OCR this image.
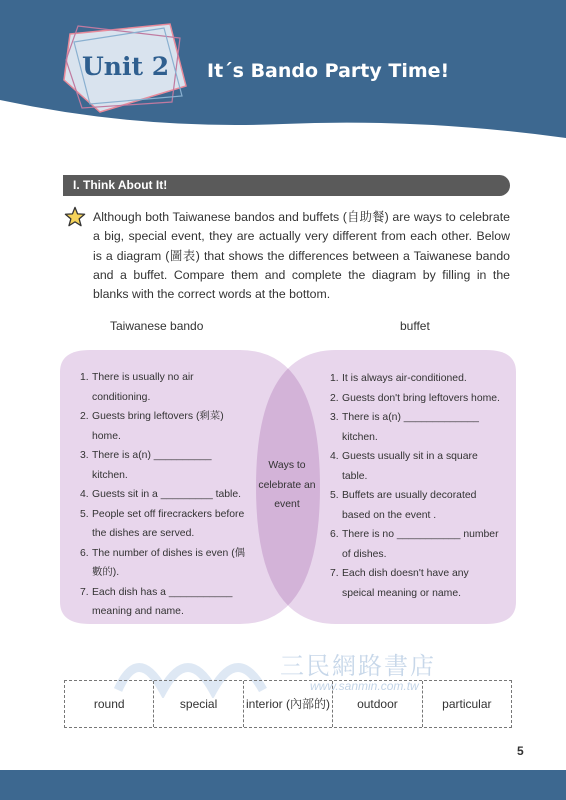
Unit 2 It´s Bando Party Time!
I. Think About It!
Although both Taiwanese bandos and buffets (自助餐) are ways to celebrate a big, special event, they are actually very different from each other. Below is a diagram (圖表) that shows the differences between a Taiwanese bando and a buffet. Compare them and complete the diagram by filling in the blanks with the correct words at the bottom.
Taiwanese bando	buffet
1. There is usually no air conditioning.
2. Guests bring leftovers (剩菜) home.
3. There is a(n) __________ kitchen.
4. Guests sit in a _________ table.
5. People set off firecrackers before the dishes are served.
6. The number of dishes is even (偶數的).
7. Each dish has a ___________ meaning and name.
Ways to celebrate an event
1. It is always air-conditioned.
2. Guests don't bring leftovers home.
3. There is a(n) _____________ kitchen.
4. Guests usually sit in a square table.
5. Buffets are usually decorated based on the event .
6. There is no ___________ number of dishes.
7. Each dish doesn't have any speical meaning or name.
三民網路書店
www.sanmin.com.tw
round	special	interior (內部的)	outdoor	particular
5
